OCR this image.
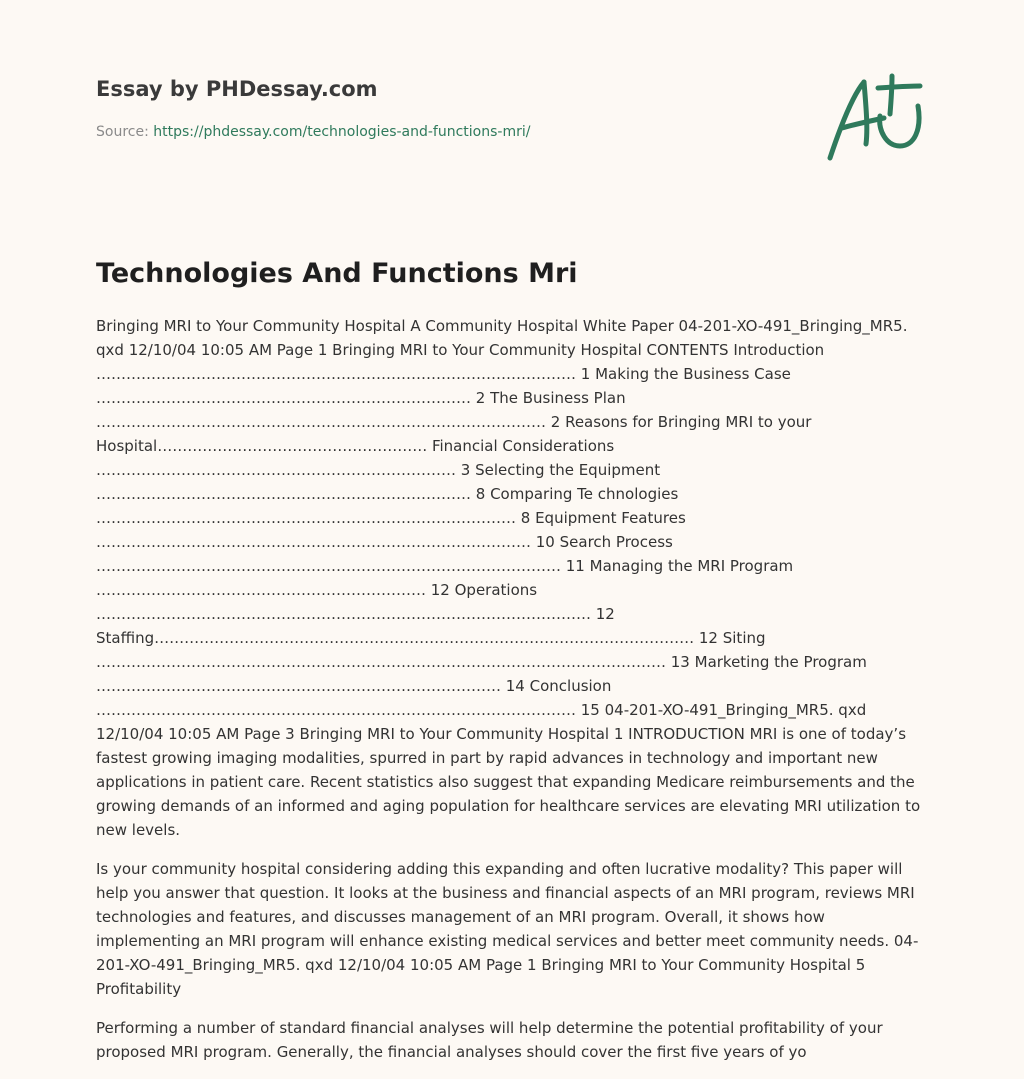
Essay by PHDessay.com
Source: https://phdessay.com/technologies-and-functions-mri/
Technologies And Functions Mri

Bringing MRI to Your Community Hospital A Community Hospital White Paper 04-201-XO-491_Bringing_MR5. qxd 12/10/04 10:05 AM Page 1 Bringing MRI to Your Community Hospital CONTENTS Introduction …………………………………………………………………………………… 1 Making the Business Case ………………………………………………………………… 2 The Business Plan ……………………………………………………………………………… 2 Reasons for Bringing MRI to your Hospital……………………………………………… Financial Considerations ……………………………………………………………… 3 Selecting the Equipment ………………………………………………………………… 8 Comparing Te chnologies ………………………………………………………………………… 8 Equipment Features …………………………………………………………………………… 10 Search Process ………………………………………………………………………………… 11 Managing the MRI Program ………………………………………………………… 12 Operations ……………………………………………………………………………………… 12 Staffing……………………………………………………………………………………………… 12 Siting …………………………………………………………………………………………………… 13 Marketing the Program ……………………………………………………………………… 14 Conclusion …………………………………………………………………………………… 15 04-201-XO-491_Bringing_MR5. qxd 12/10/04 10:05 AM Page 3 Bringing MRI to Your Community Hospital 1 INTRODUCTION MRI is one of today’s fastest growing imaging modalities, spurred in part by rapid advances in technology and important new applications in patient care. Recent statistics also suggest that expanding Medicare reimbursements and the growing demands of an informed and aging population for healthcare services are elevating MRI utilization to new levels.

Is your community hospital considering adding this expanding and often lucrative modality? This paper will help you answer that question. It looks at the business and financial aspects of an MRI program, reviews MRI technologies and features, and discusses management of an MRI program. Overall, it shows how implementing an MRI program will enhance existing medical services and better meet community needs. 04-201-XO-491_Bringing_MR5. qxd 12/10/04 10:05 AM Page 1 Bringing MRI to Your Community Hospital 5 Profitability

Performing a number of standard financial analyses will help determine the potential profitability of your proposed MRI program. Generally, the financial analyses should cover the first five years of yo
